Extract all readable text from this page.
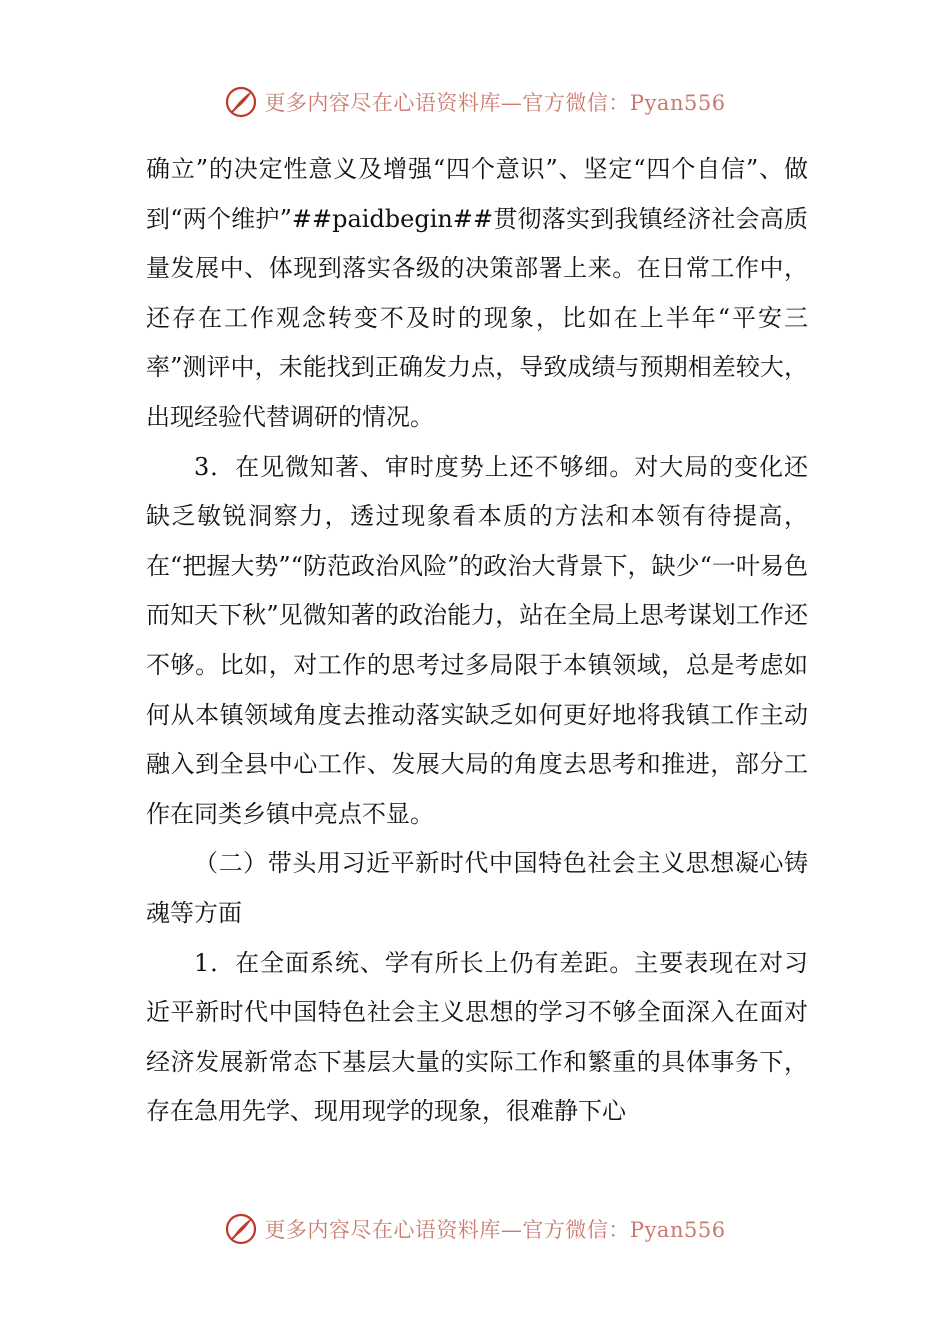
更多内容尽在心语资料库—官方微信：Pyan556

确立”的决定性意义及增强“四个意识”、坚定“四个自信”、做到“两个维护”##paidbegin##贯彻落实到我镇经济社会高质量发展中、体现到落实各级的决策部署上来。在日常工作中，还存在工作观念转变不及时的现象，比如在上半年“平安三率”测评中，未能找到正确发力点，导致成绩与预期相差较大，出现经验代替调研的情况。

3．在见微知著、审时度势上还不够细。对大局的变化还缺乏敏锐洞察力，透过现象看本质的方法和本领有待提高，在“把握大势”“防范政治风险”的政治大背景下，缺少“一叶易色而知天下秋”见微知著的政治能力，站在全局上思考谋划工作还不够。比如，对工作的思考过多局限于本镇领域，总是考虑如何从本镇领域角度去推动落实缺乏如何更好地将我镇工作主动融入到全县中心工作、发展大局的角度去思考和推进，部分工作在同类乡镇中亮点不显。

（二）带头用习近平新时代中国特色社会主义思想凝心铸魂等方面

1．在全面系统、学有所长上仍有差距。主要表现在对习近平新时代中国特色社会主义思想的学习不够全面深入在面对经济发展新常态下基层大量的实际工作和繁重的具体事务下，存在急用先学、现用现学的现象，很难静下心

更多内容尽在心语资料库—官方微信：Pyan556
